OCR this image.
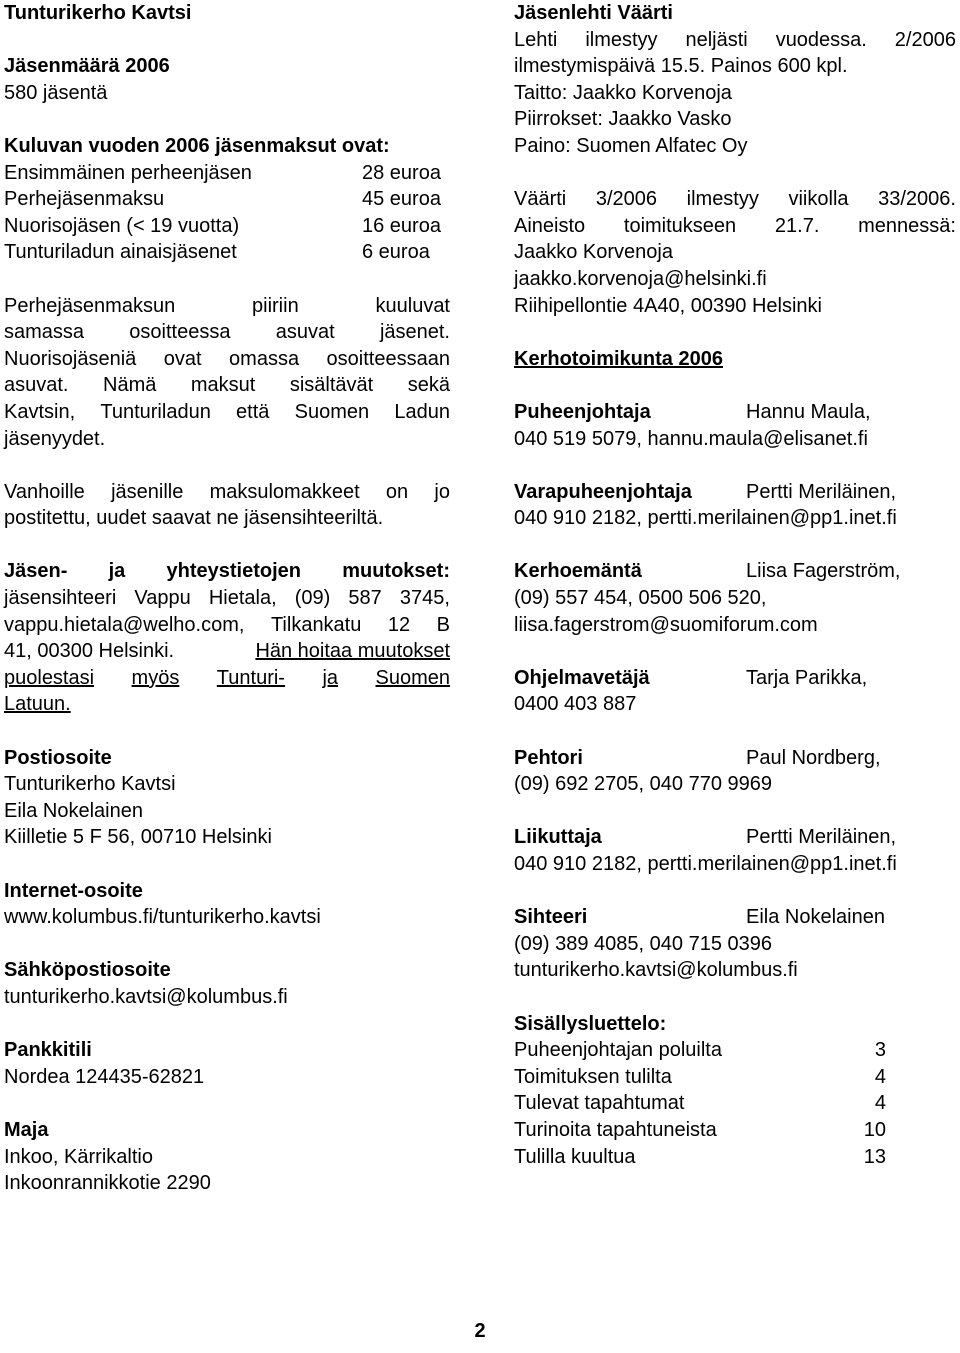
Tunturikerho Kavtsi
Jäsenmäärä 2006
580 jäsentä
Kuluvan vuoden 2006 jäsenmaksut ovat:
Ensimmäinen perheenjäsen	28 euroa
Perhejäsenmaksu	45 euroa
Nuorisojäsen (< 19 vuotta)	16 euroa
Tunturiladun ainaisjäsenet	6 euroa
Perhejäsenmaksun	piiriin	kuuluvat
samassa osoitteessa asuvat jäsenet.
Nuorisojäseniä ovat omassa osoitteessaan
asuvat. Nämä maksut sisältävät sekä
Kavtsin, Tunturiladun että Suomen Ladun
jäsenyydet.
Vanhoille jäsenille maksulomakkeet on jo
postitettu, uudet saavat ne jäsensihteeriltä.
Jäsen- ja yhteystietojen muutokset:
jäsensihteeri Vappu Hietala, (09) 587 3745,
vappu.hietala@welho.com, Tilkankatu 12 B
41, 00300 Helsinki.	Hän hoitaa muutokset
puolestasi myös Tunturi- ja Suomen
Latuun.
Postiosoite
Tunturikerho Kavtsi
Eila Nokelainen
Kiilletie 5 F 56, 00710 Helsinki
Internet-osoite
www.kolumbus.fi/tunturikerho.kavtsi
Sähköpostiosoite
tunturikerho.kavtsi@kolumbus.fi
Pankkitili
Nordea 124435-62821
Maja
Inkoo, Kärrikaltio
Inkoonrannikkotie 2290
Jäsenlehti Väärti
Lehti ilmestyy neljästi vuodessa. 2/2006
ilmestymispäivä 15.5. Painos 600 kpl.
Taitto: Jaakko Korvenoja
Piirrokset: Jaakko Vasko
Paino: Suomen Alfatec Oy
Väärti 3/2006 ilmestyy viikolla 33/2006.
Aineisto toimitukseen 21.7. mennessä:
Jaakko Korvenoja
jaakko.korvenoja@helsinki.fi
Riihipellontie 4A40, 00390 Helsinki
Kerhotoimikunta 2006
Puheenjohtaja	Hannu Maula,
040 519 5079, hannu.maula@elisanet.fi
Varapuheenjohtaja	Pertti Meriläinen,
040 910 2182, pertti.merilainen@pp1.inet.fi
Kerhoemäntä	Liisa Fagerström,
(09) 557 454, 0500 506 520,
liisa.fagerstrom@suomiforum.com
Ohjelmavetäjä	Tarja Parikka,
0400 403 887
Pehtori	Paul Nordberg,
(09) 692 2705, 040 770 9969
Liikuttaja	Pertti Meriläinen,
040 910 2182, pertti.merilainen@pp1.inet.fi
Sihteeri	Eila Nokelainen
(09) 389 4085, 040 715 0396
tunturikerho.kavtsi@kolumbus.fi
Sisällysluettelo:
Puheenjohtajan poluilta	3
Toimituksen tulilta	4
Tulevat tapahtumat	4
Turinoita tapahtuneista	10
Tulilla kuultua	13
2
